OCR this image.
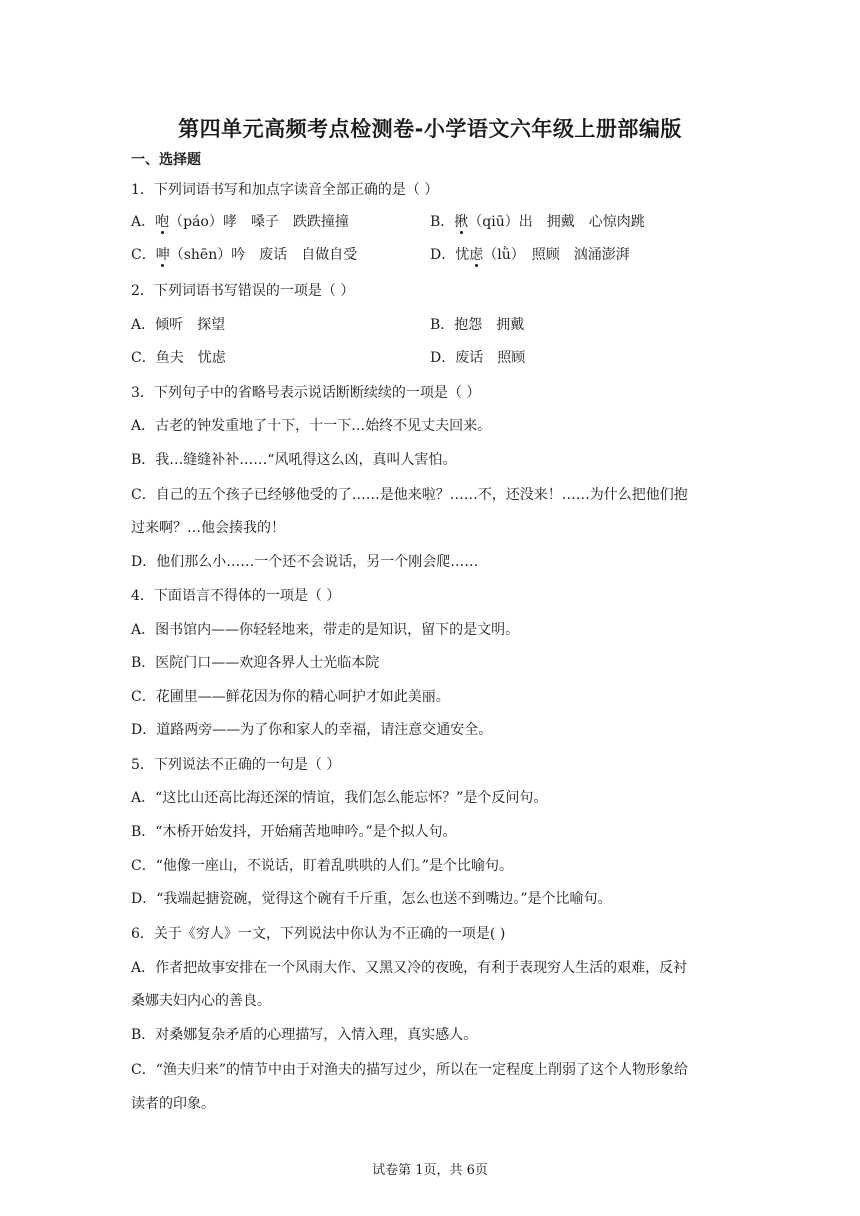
第四单元高频考点检测卷-小学语文六年级上册部编版
一、选择题
1．下列词语书写和加点字读音全部正确的是（ ）
A．咆（páo）哮　嗓子　跌跌撞撞	B．揪（qiū）出　拥戴　心惊肉跳
C．呻（shēn）吟　废话　自做自受	D．忧虑（lǜ）　照顾　汹涌澎湃
2．下列词语书写错误的一项是（ ）
A．倾听　探望	B．抱怨　拥戴
C．鱼夫　忧虑	D．废话　照顾
3．下列句子中的省略号表示说话断断续续的一项是（ ）
A．古老的钟发重地了十下，十一下…始终不见丈夫回来。
B．我…缝缝补补……“风吼得这么凶，真叫人害怕。
C．自己的五个孩子已经够他受的了……是他来啦？……不，还没来！……为什么把他们抱
过来啊？…他会揍我的！
D．他们那么小……一个还不会说话，另一个刚会爬……
4．下面语言不得体的一项是（ ）
A．图书馆内——你轻轻地来，带走的是知识，留下的是文明。
B．医院门口——欢迎各界人士光临本院
C．花圃里——鲜花因为你的精心呵护才如此美丽。
D．道路两旁——为了你和家人的幸福，请注意交通安全。
5．下列说法不正确的一句是（ ）
A．“这比山还高比海还深的情谊，我们怎么能忘怀？”是个反问句。
B．“木桥开始发抖，开始痛苦地呻吟。”是个拟人句。
C．“他像一座山，不说话，盯着乱哄哄的人们。”是个比喻句。
D．“我端起搪瓷碗，觉得这个碗有千斤重，怎么也送不到嘴边。”是个比喻句。
6．关于《穷人》一文，下列说法中你认为不正确的一项是( )
A．作者把故事安排在一个风雨大作、又黑又冷的夜晚，有利于表现穷人生活的艰难，反衬
桑娜夫妇内心的善良。
B．对桑娜复杂矛盾的心理描写，入情入理，真实感人。
C．“渔夫归来”的情节中由于对渔夫的描写过少，所以在一定程度上削弱了这个人物形象给
读者的印象。
试卷第 1页，共 6页
